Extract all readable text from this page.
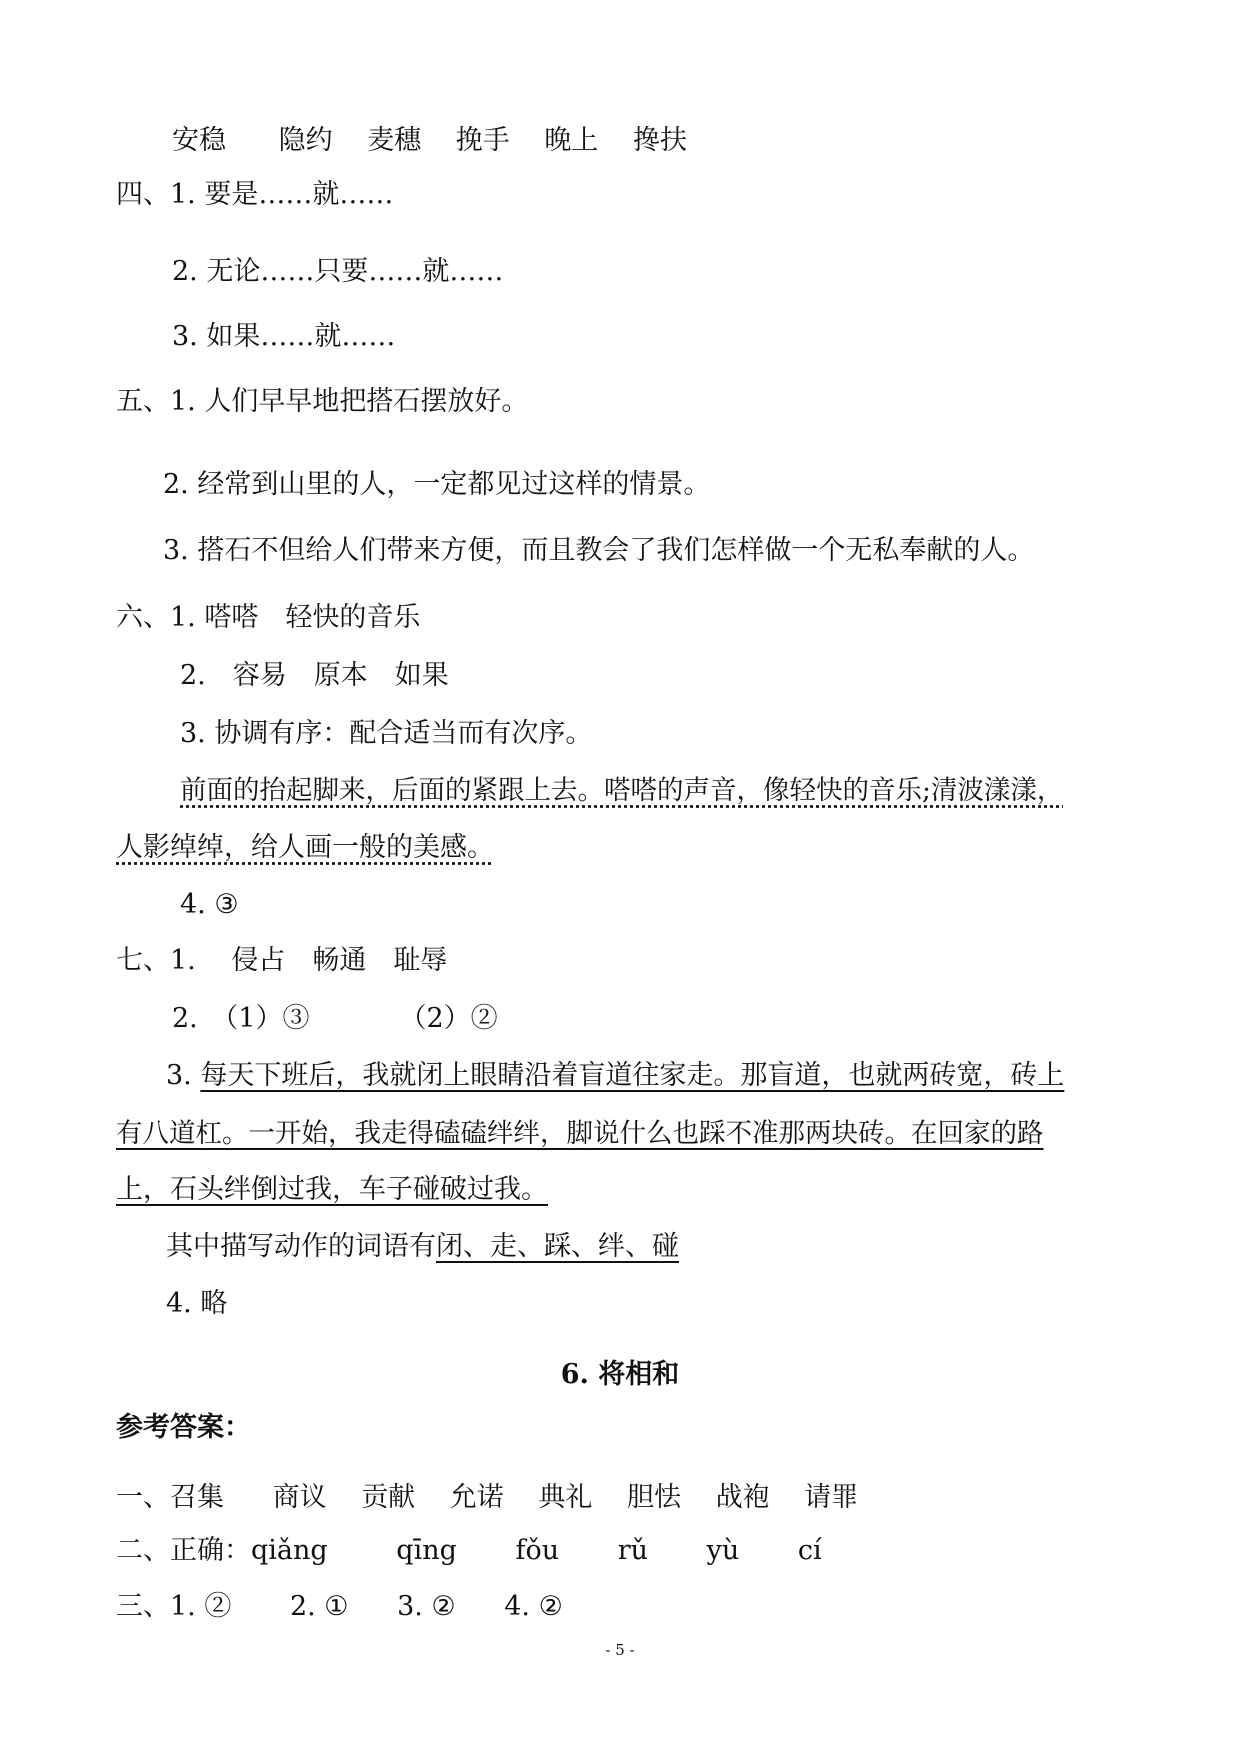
安稳 隐约 麦穗 挽手 晚上 搀扶
四、1. 要是……就……
2. 无论……只要……就……
3. 如果……就……
五、1. 人们早早地把搭石摆放好。
2. 经常到山里的人，一定都见过这样的情景。
3. 搭石不但给人们带来方便，而且教会了我们怎样做一个无私奉献的人。
六、1. 嗒嗒　轻快的音乐
2.　容易　原本　如果
3. 协调有序：配合适当而有次序。
前面的抬起脚来，后面的紧跟上去。嗒嗒的声音，像轻快的音乐;清波漾漾，
人影绰绰，给人画一般的美感。
4. ③
七、1.　 侵占　畅通　耻辱
2.　（1）③	（2）②
3. 每天下班后，我就闭上眼睛沿着盲道往家走。那盲道，也就两砖宽，砖上
有八道杠。一开始，我走得磕磕绊绊，脚说什么也踩不准那两块砖。在回家的路
上，石头绊倒过我，车子碰破过我。
其中描写动作的词语有闭、走、踩、绊、碰
4. 略
6. 将相和
参考答案：
一、召集 商议 贡献 允诺 典礼 胆怯 战袍 请罪
二、正确：qiǎng	qīng fǒu rǔ yù cí
三、1. ② 2. ① 3. ② 4. ②
- 5 -
